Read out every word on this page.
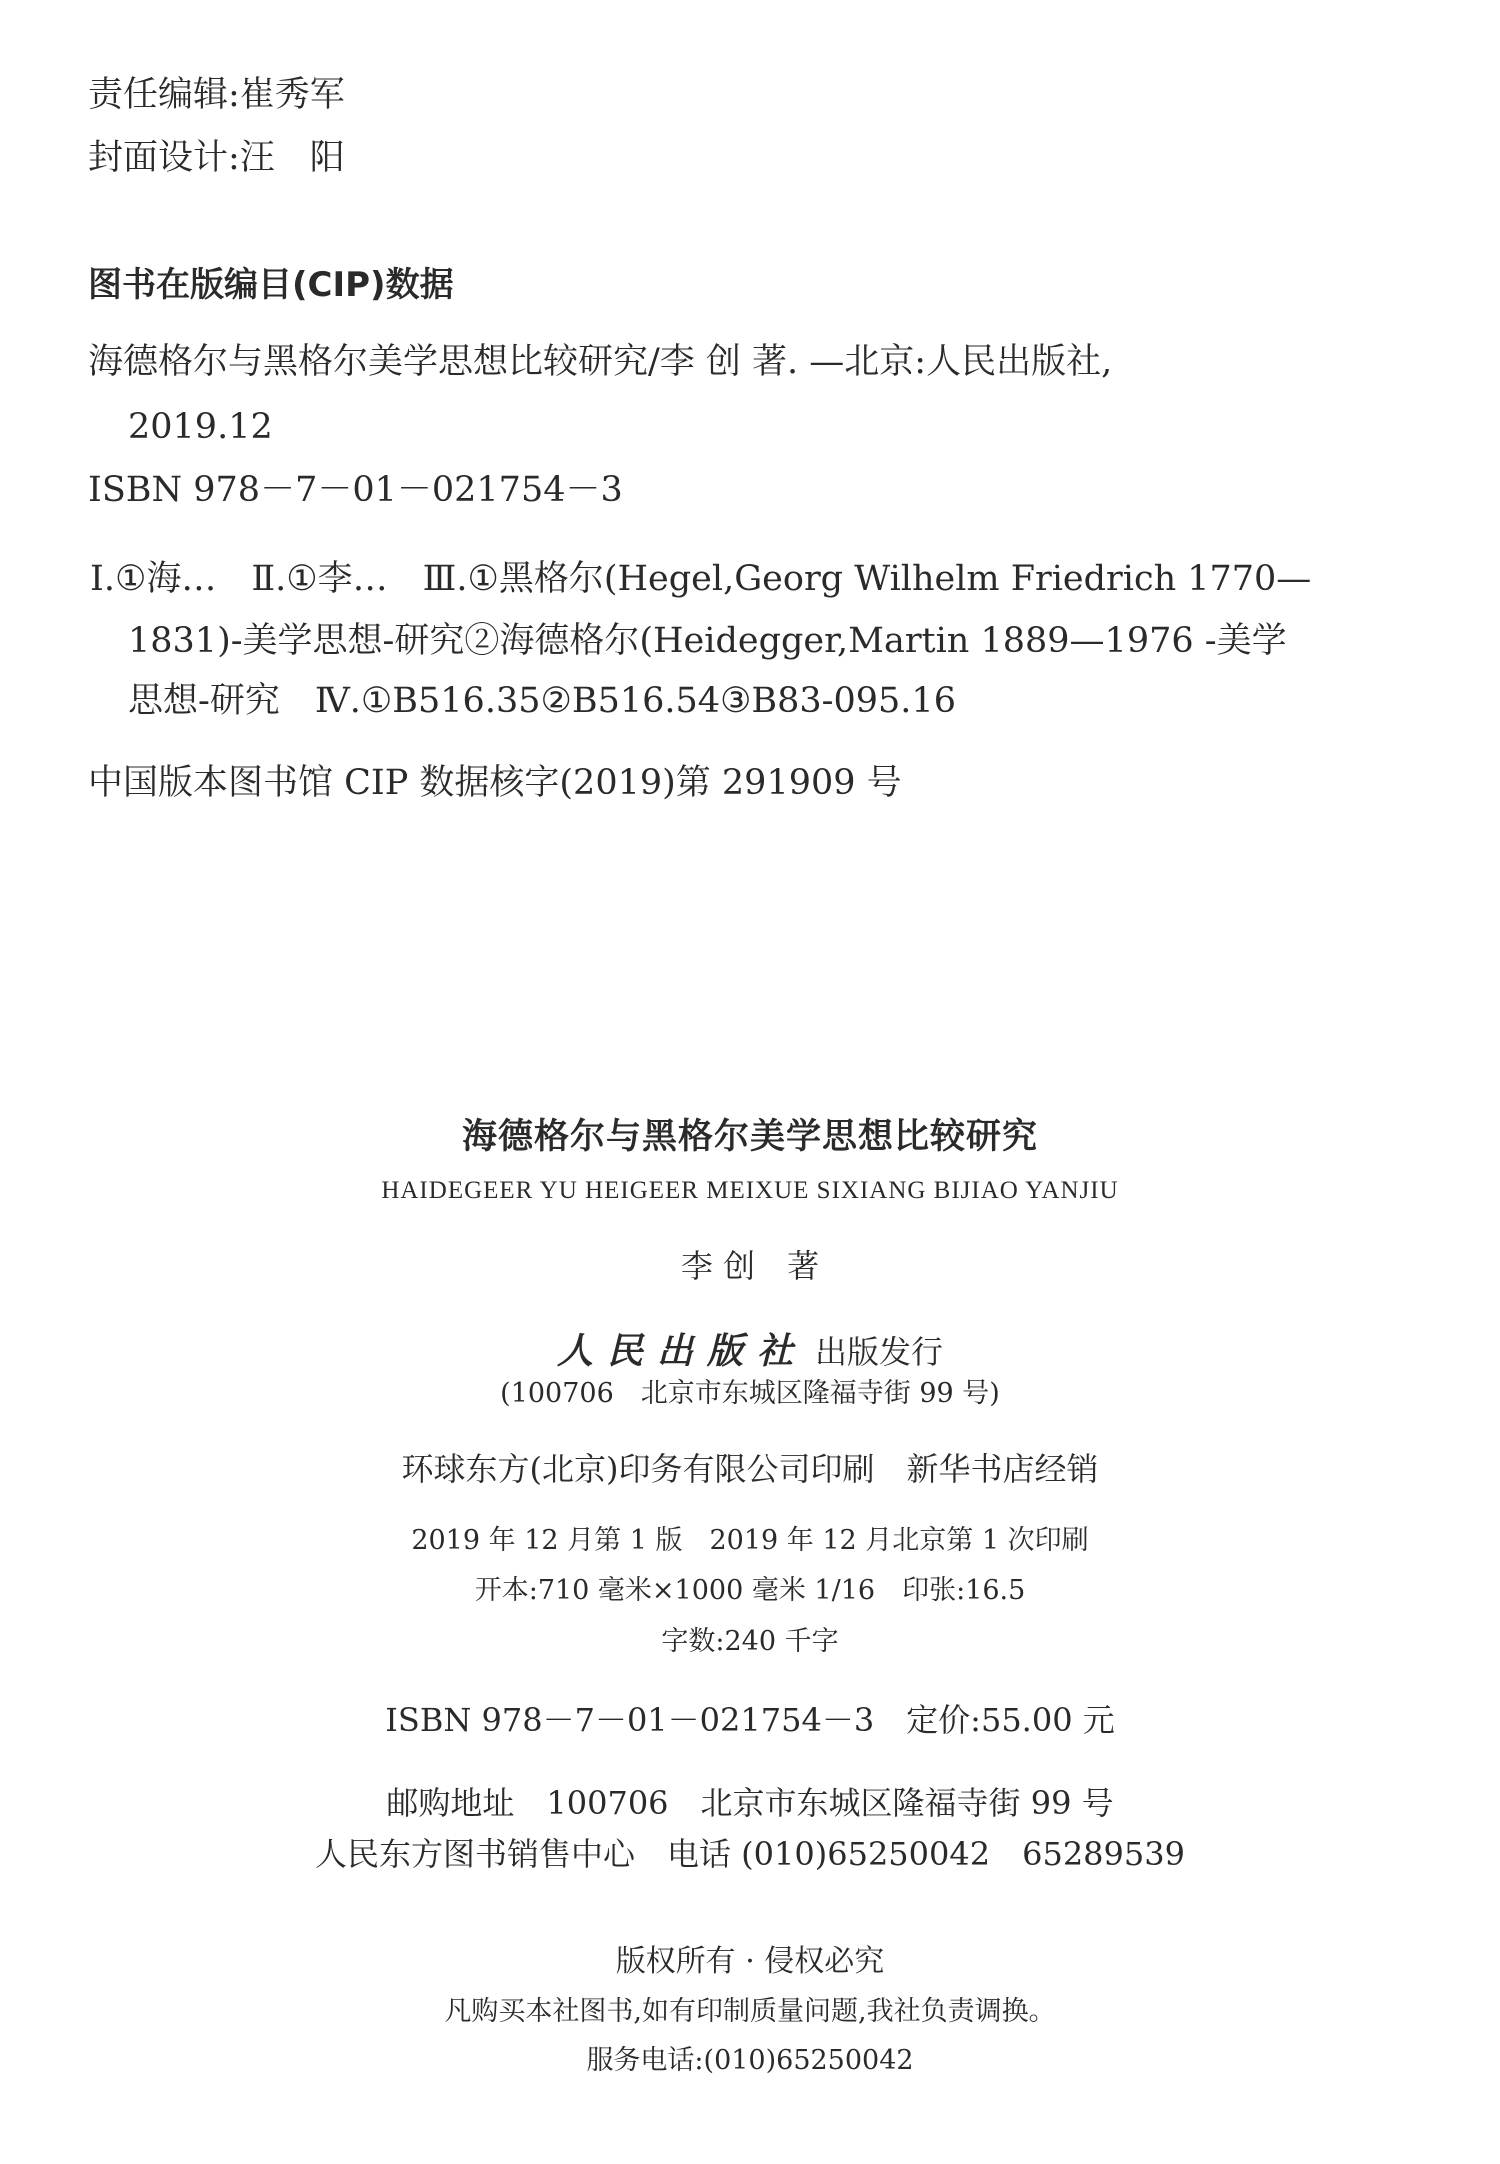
责任编辑:崔秀军
封面设计:汪　阳
图书在版编目(CIP)数据
海德格尔与黑格尔美学思想比较研究/李 创 著. —北京:人民出版社,
2019.12
ISBN 978－7－01－021754－3
Ⅰ.①海…　Ⅱ.①李…　Ⅲ.①黑格尔(Hegel,Georg Wilhelm Friedrich 1770—
1831)-美学思想-研究②海德格尔(Heidegger,Martin 1889—1976 -美学
思想-研究　Ⅳ.①B516.35②B516.54③B83-095.16
中国版本图书馆 CIP 数据核字(2019)第 291909 号
海德格尔与黑格尔美学思想比较研究
HAIDEGEER YU HEIGEER MEIXUE SIXIANG BIJIAO YANJIU
李 创　著
人民出版社 出版发行
(100706　北京市东城区隆福寺街 99 号)
环球东方(北京)印务有限公司印刷　新华书店经销
2019 年 12 月第 1 版　2019 年 12 月北京第 1 次印刷
开本:710 毫米×1000 毫米 1/16　印张:16.5
字数:240 千字
ISBN 978－7－01－021754－3　定价:55.00 元
邮购地址　100706　北京市东城区隆福寺街 99 号
人民东方图书销售中心　电话 (010)65250042　65289539
版权所有 · 侵权必究
凡购买本社图书,如有印制质量问题,我社负责调换。
服务电话:(010)65250042
